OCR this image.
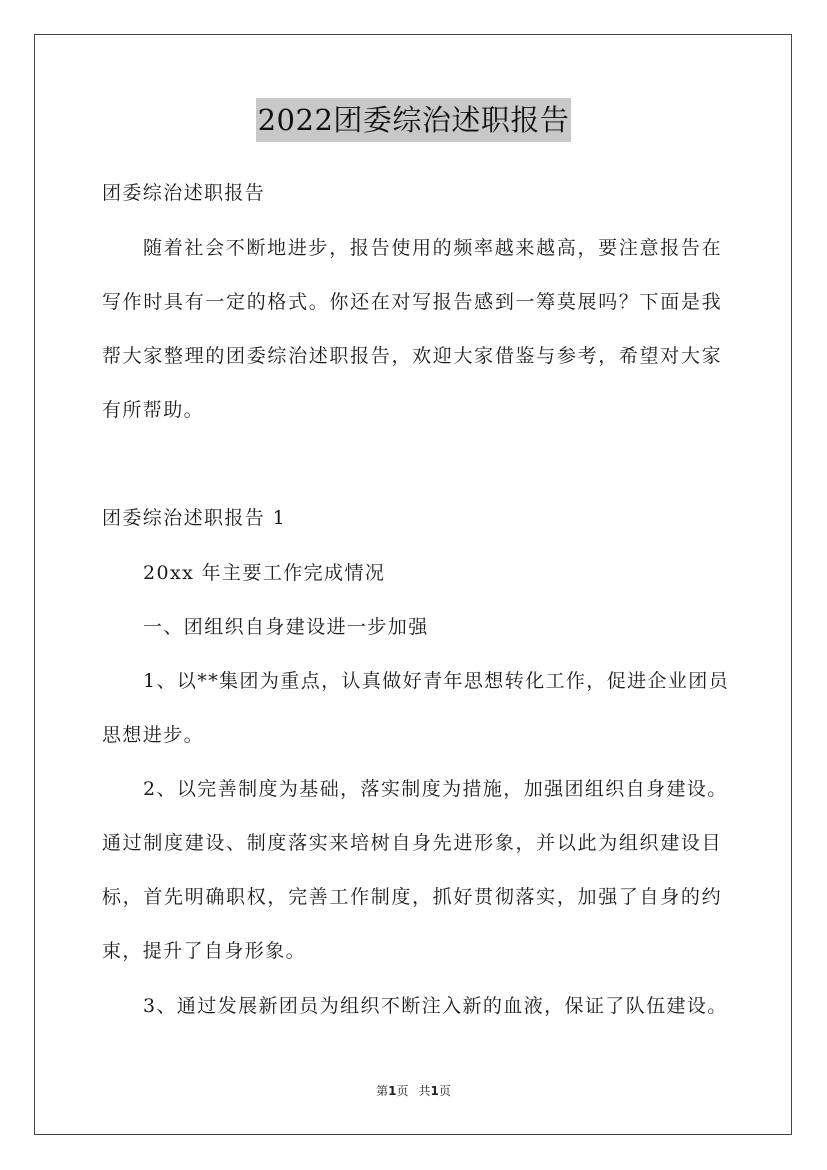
2022团委综治述职报告
团委综治述职报告
随着社会不断地进步，报告使用的频率越来越高，要注意报告在
写作时具有一定的格式。你还在对写报告感到一筹莫展吗？下面是我
帮大家整理的团委综治述职报告，欢迎大家借鉴与参考，希望对大家
有所帮助。
团委综治述职报告 1
20xx 年主要工作完成情况
一、团组织自身建设进一步加强
1、以**集团为重点，认真做好青年思想转化工作，促进企业团员
思想进步。
2、以完善制度为基础，落实制度为措施，加强团组织自身建设。
通过制度建设、制度落实来培树自身先进形象，并以此为组织建设目
标，首先明确职权，完善工作制度，抓好贯彻落实，加强了自身的约
束，提升了自身形象。
3、通过发展新团员为组织不断注入新的血液，保证了队伍建设。
第1页 共1页
